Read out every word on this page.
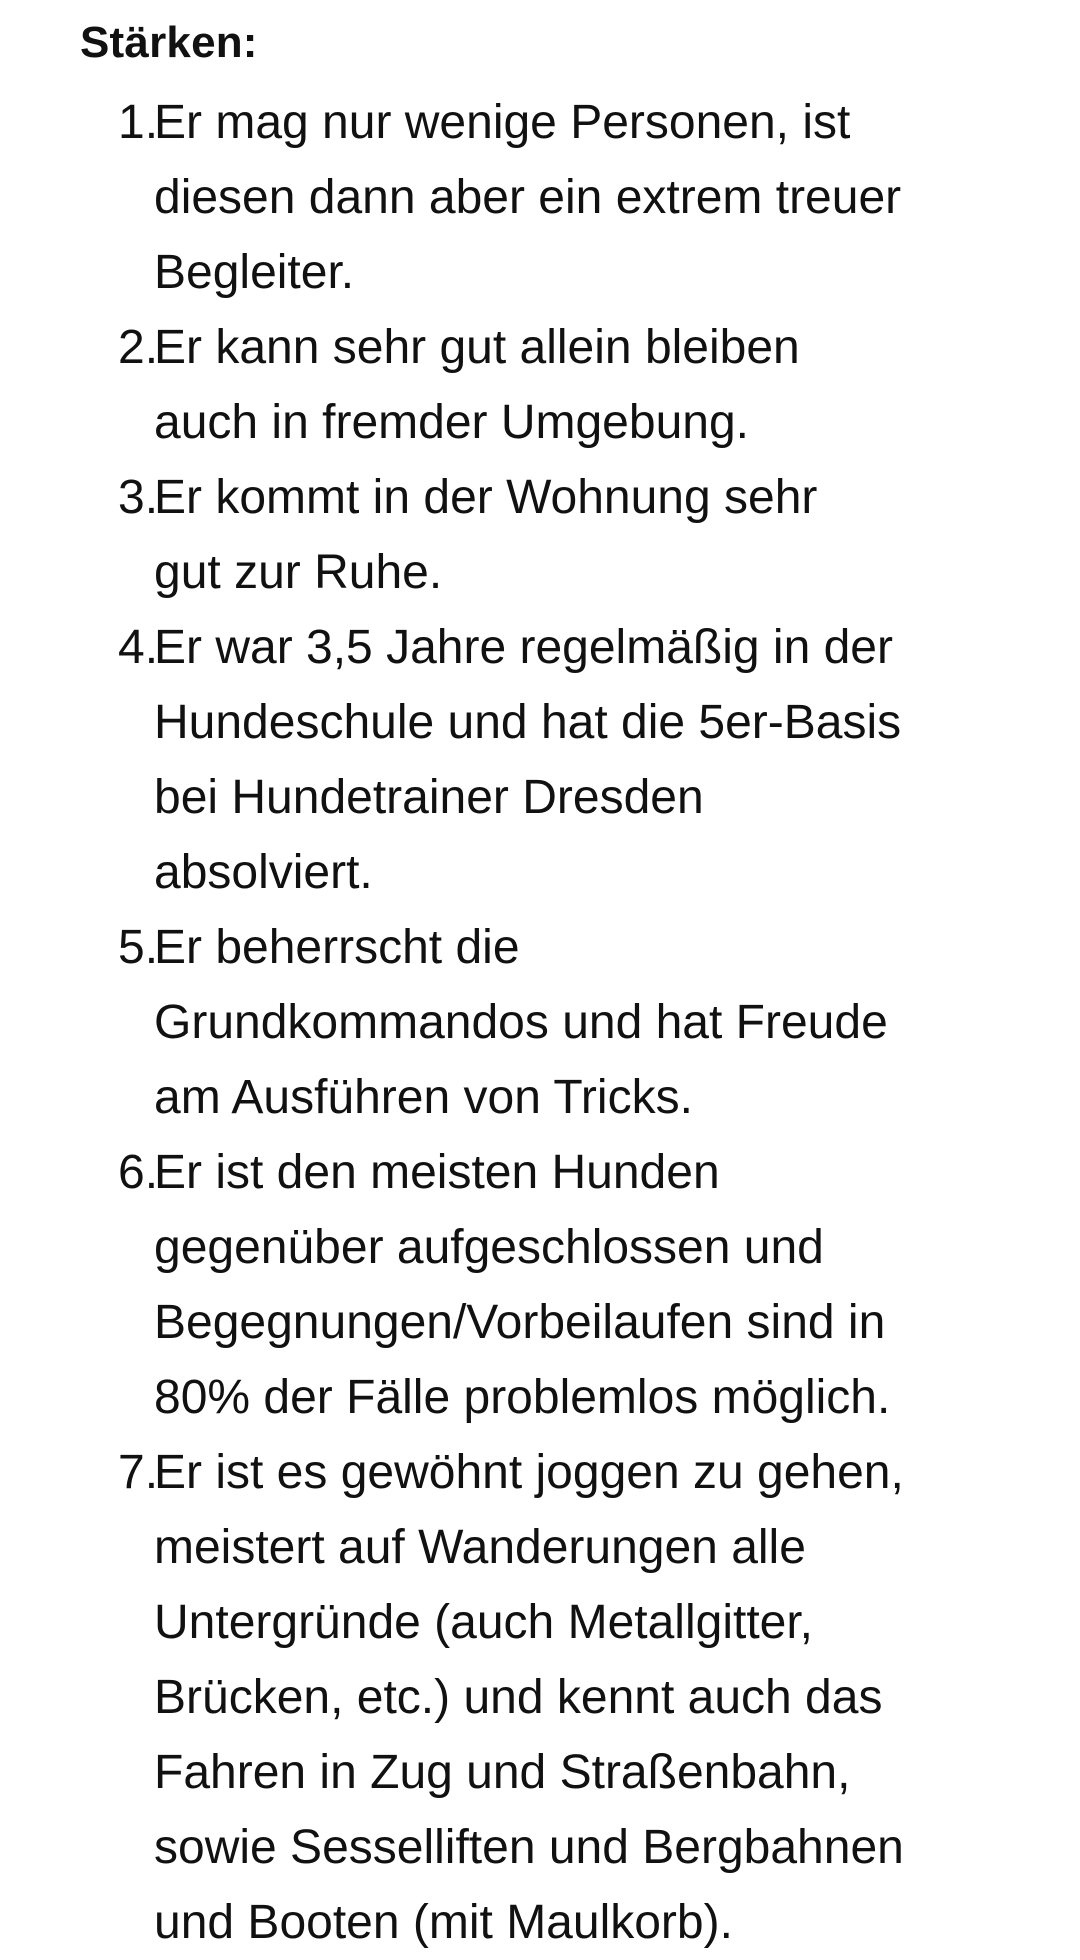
Stärken:
1.
Er mag nur wenige Personen, ist
diesen dann aber ein extrem treuer
Begleiter.
2.
Er kann sehr gut allein bleiben
auch in fremder Umgebung.
3.
Er kommt in der Wohnung sehr
gut zur Ruhe.
4.
Er war 3,5 Jahre regelmäßig in der
Hundeschule und hat die 5er-Basis
bei Hundetrainer Dresden
absolviert.
5.
Er beherrscht die
Grundkommandos und hat Freude
am Ausführen von Tricks.
6.
Er ist den meisten Hunden
gegenüber aufgeschlossen und
Begegnungen/Vorbeilaufen sind in
80% der Fälle problemlos möglich.
7.
Er ist es gewöhnt joggen zu gehen,
meistert auf Wanderungen alle
Untergründe (auch Metallgitter,
Brücken, etc.) und kennt auch das
Fahren in Zug und Straßenbahn,
sowie Sesselliften und Bergbahnen
und Booten (mit Maulkorb).
